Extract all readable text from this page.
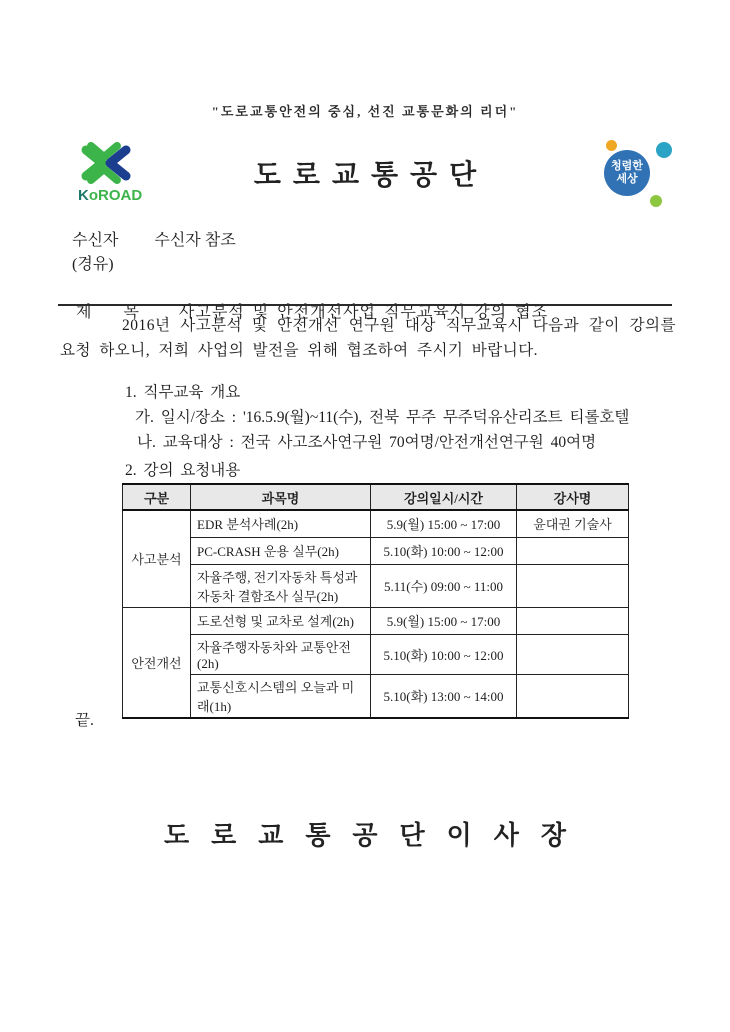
"도로교통안전의 중심, 선진 교통문화의 리더"
KoROAD
도로교통공단	청렴한
세상
수신자 수신자 참조
(경유)

제 목 사고분석 및 안전개선사업 직무교육시 강의 협조

2016년 사고분석 및 안전개선 연구원 대상 직무교육시 다음과 같이 강의를 요청 하오니, 저희 사업의 발전을 위해 협조하여 주시기 바랍니다.
1. 직무교육 개요
가. 일시/장소 : '16.5.9(월)~11(수), 전북 무주 무주덕유산리조트 티롤호텔
나. 교육대상 : 전국 사고조사연구원 70여명/안전개선연구원 40여명
2. 강의 요청내용
구분	과목명	강의일시/시간	강사명
사고분석	EDR 분석사례(2h)	5.9(월) 15:00 ~ 17:00	윤대권 기술사
	PC-CRASH 운용 실무(2h)	5.10(화) 10:00 ~ 12:00	
	자율주행, 전기자동차 특성과 자동차 결함조사 실무(2h)	5.11(수) 09:00 ~ 11:00	
안전개선	도로선형 및 교차로 설계(2h)	5.9(월) 15:00 ~ 17:00	
	자율주행자동차와 교통안전(2h)	5.10(화) 10:00 ~ 12:00	
	교통신호시스템의 오늘과 미래(1h)	5.10(화) 13:00 ~ 14:00	
끝.
도로교통공단이사장
